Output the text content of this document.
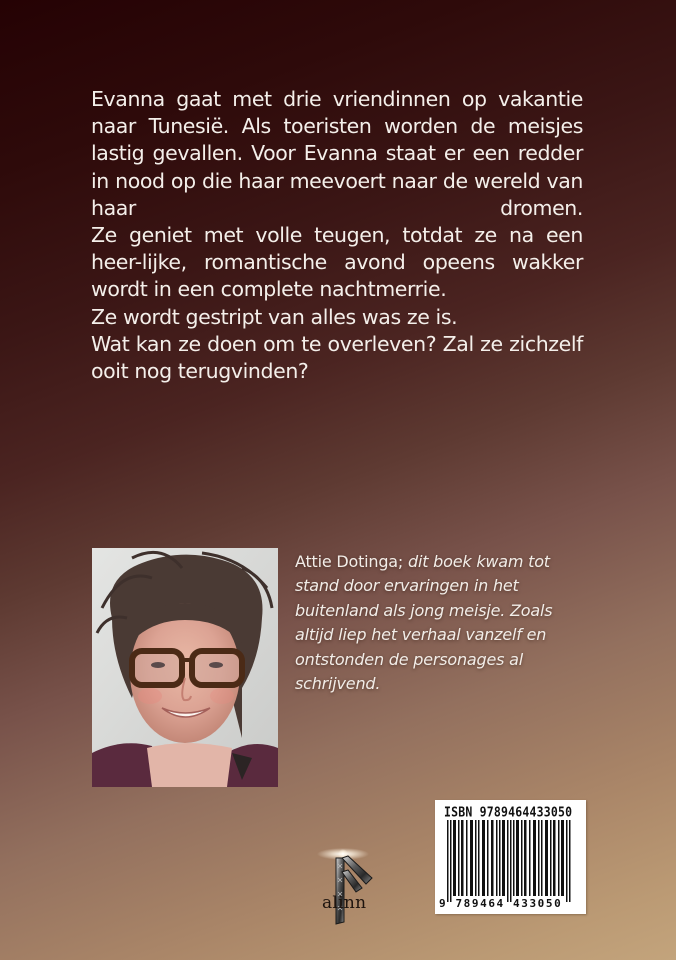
Evanna gaat met drie vriendinnen op vakantie naar Tunesië. Als toeristen worden de meisjes lastig gevallen. Voor Evanna staat er een redder in nood op die haar meevoert naar de wereld van haar dromen.

Ze geniet met volle teugen, totdat ze na een heer-lijke, romantische avond opeens wakker wordt in een complete nachtmerrie.

Ze wordt gestript van alles was ze is.

Wat kan ze doen om te overleven? Zal ze zichzelf ooit nog terugvinden?

Attie Dotinga; dit boek kwam tot stand door ervaringen in het buitenland als jong meisje. Zoals altijd liep het verhaal vanzelf en ontstonden de personages al schrijvend.
alinn
ISBN 9789464433050
9 789464 433050
